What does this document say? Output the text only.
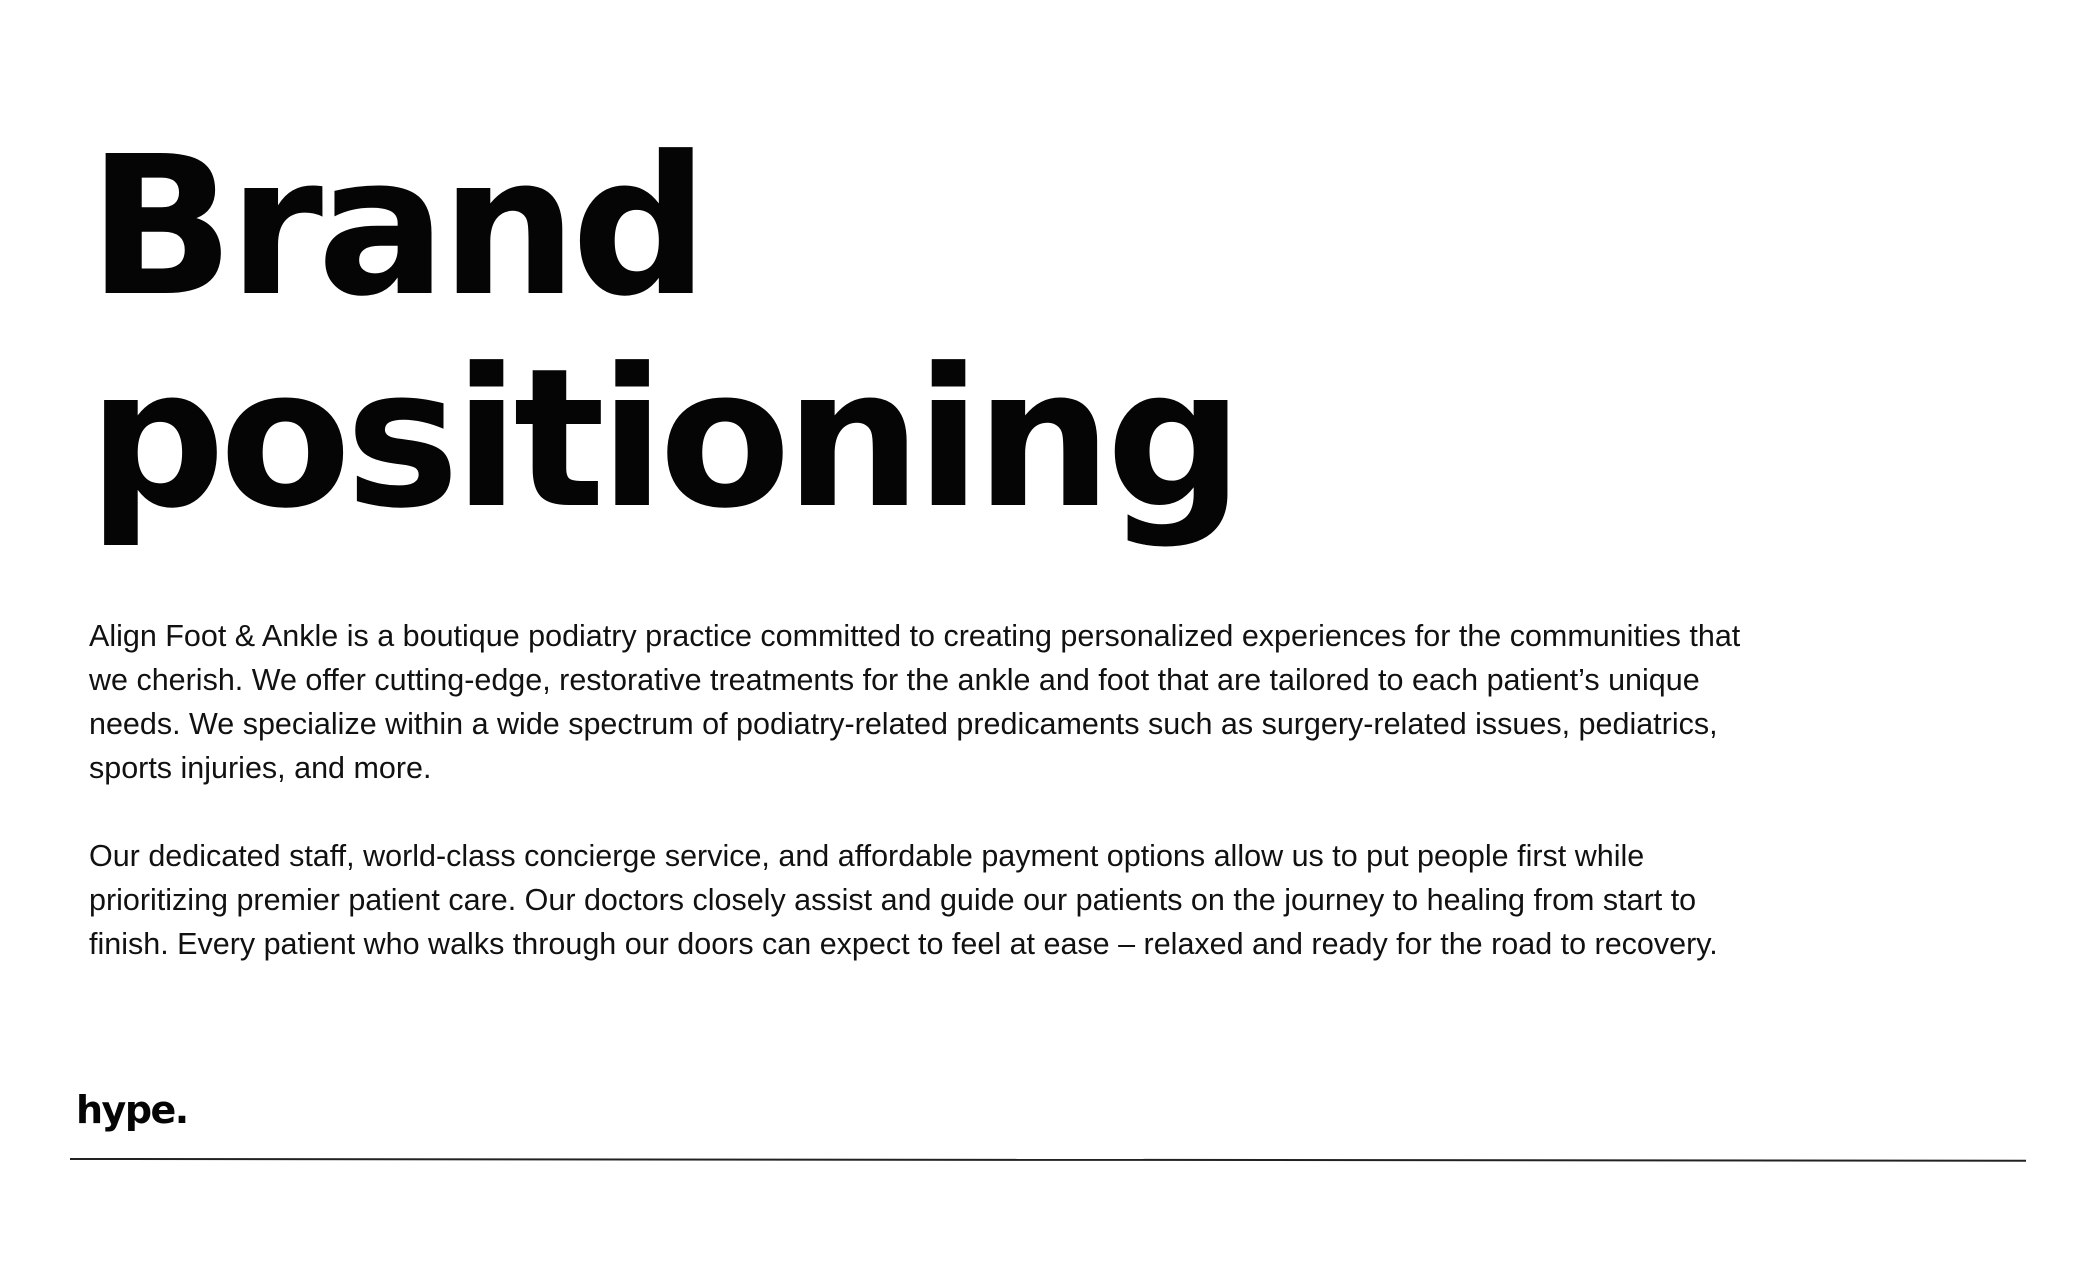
Brand
positioning

Align Foot & Ankle is a boutique podiatry practice committed to creating personalized experiences for the communities that we cherish. We offer cutting-edge, restorative treatments for the ankle and foot that are tailored to each patient’s unique needs. We specialize within a wide spectrum of podiatry-related predicaments such as surgery-related issues, pediatrics, sports injuries, and more.

Our dedicated staff, world-class concierge service, and affordable payment options allow us to put people first while prioritizing premier patient care. Our doctors closely assist and guide our patients on the journey to healing from start to finish. Every patient who walks through our doors can expect to feel at ease – relaxed and ready for the road to recovery.

hype.
